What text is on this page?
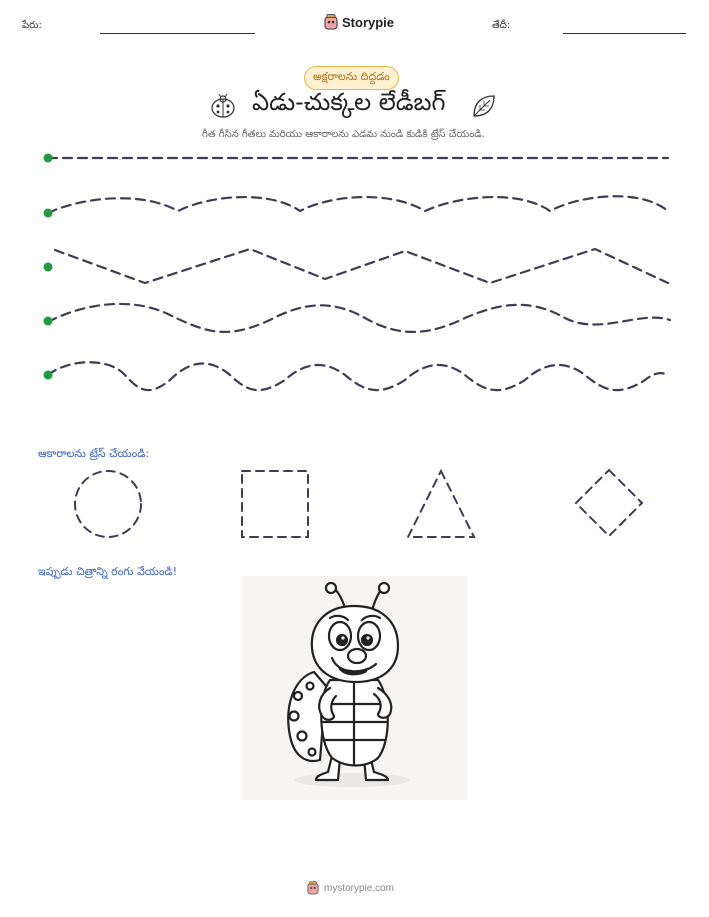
పేరు:	Storypie	తేదీ:
అక్షరాలను దిద్దడం
ఏడు-చుక్కల లేడీబగ్
గీత గీసిన గీతలు మరియు ఆకారాలను ఎడమ నుండి కుడికి ట్రేస్ చేయండి.
ఆకారాలను ట్రేస్ చేయండి:
ఇప్పుడు చిత్రాన్ని రంగు వేయండి!
mystorypie.com
